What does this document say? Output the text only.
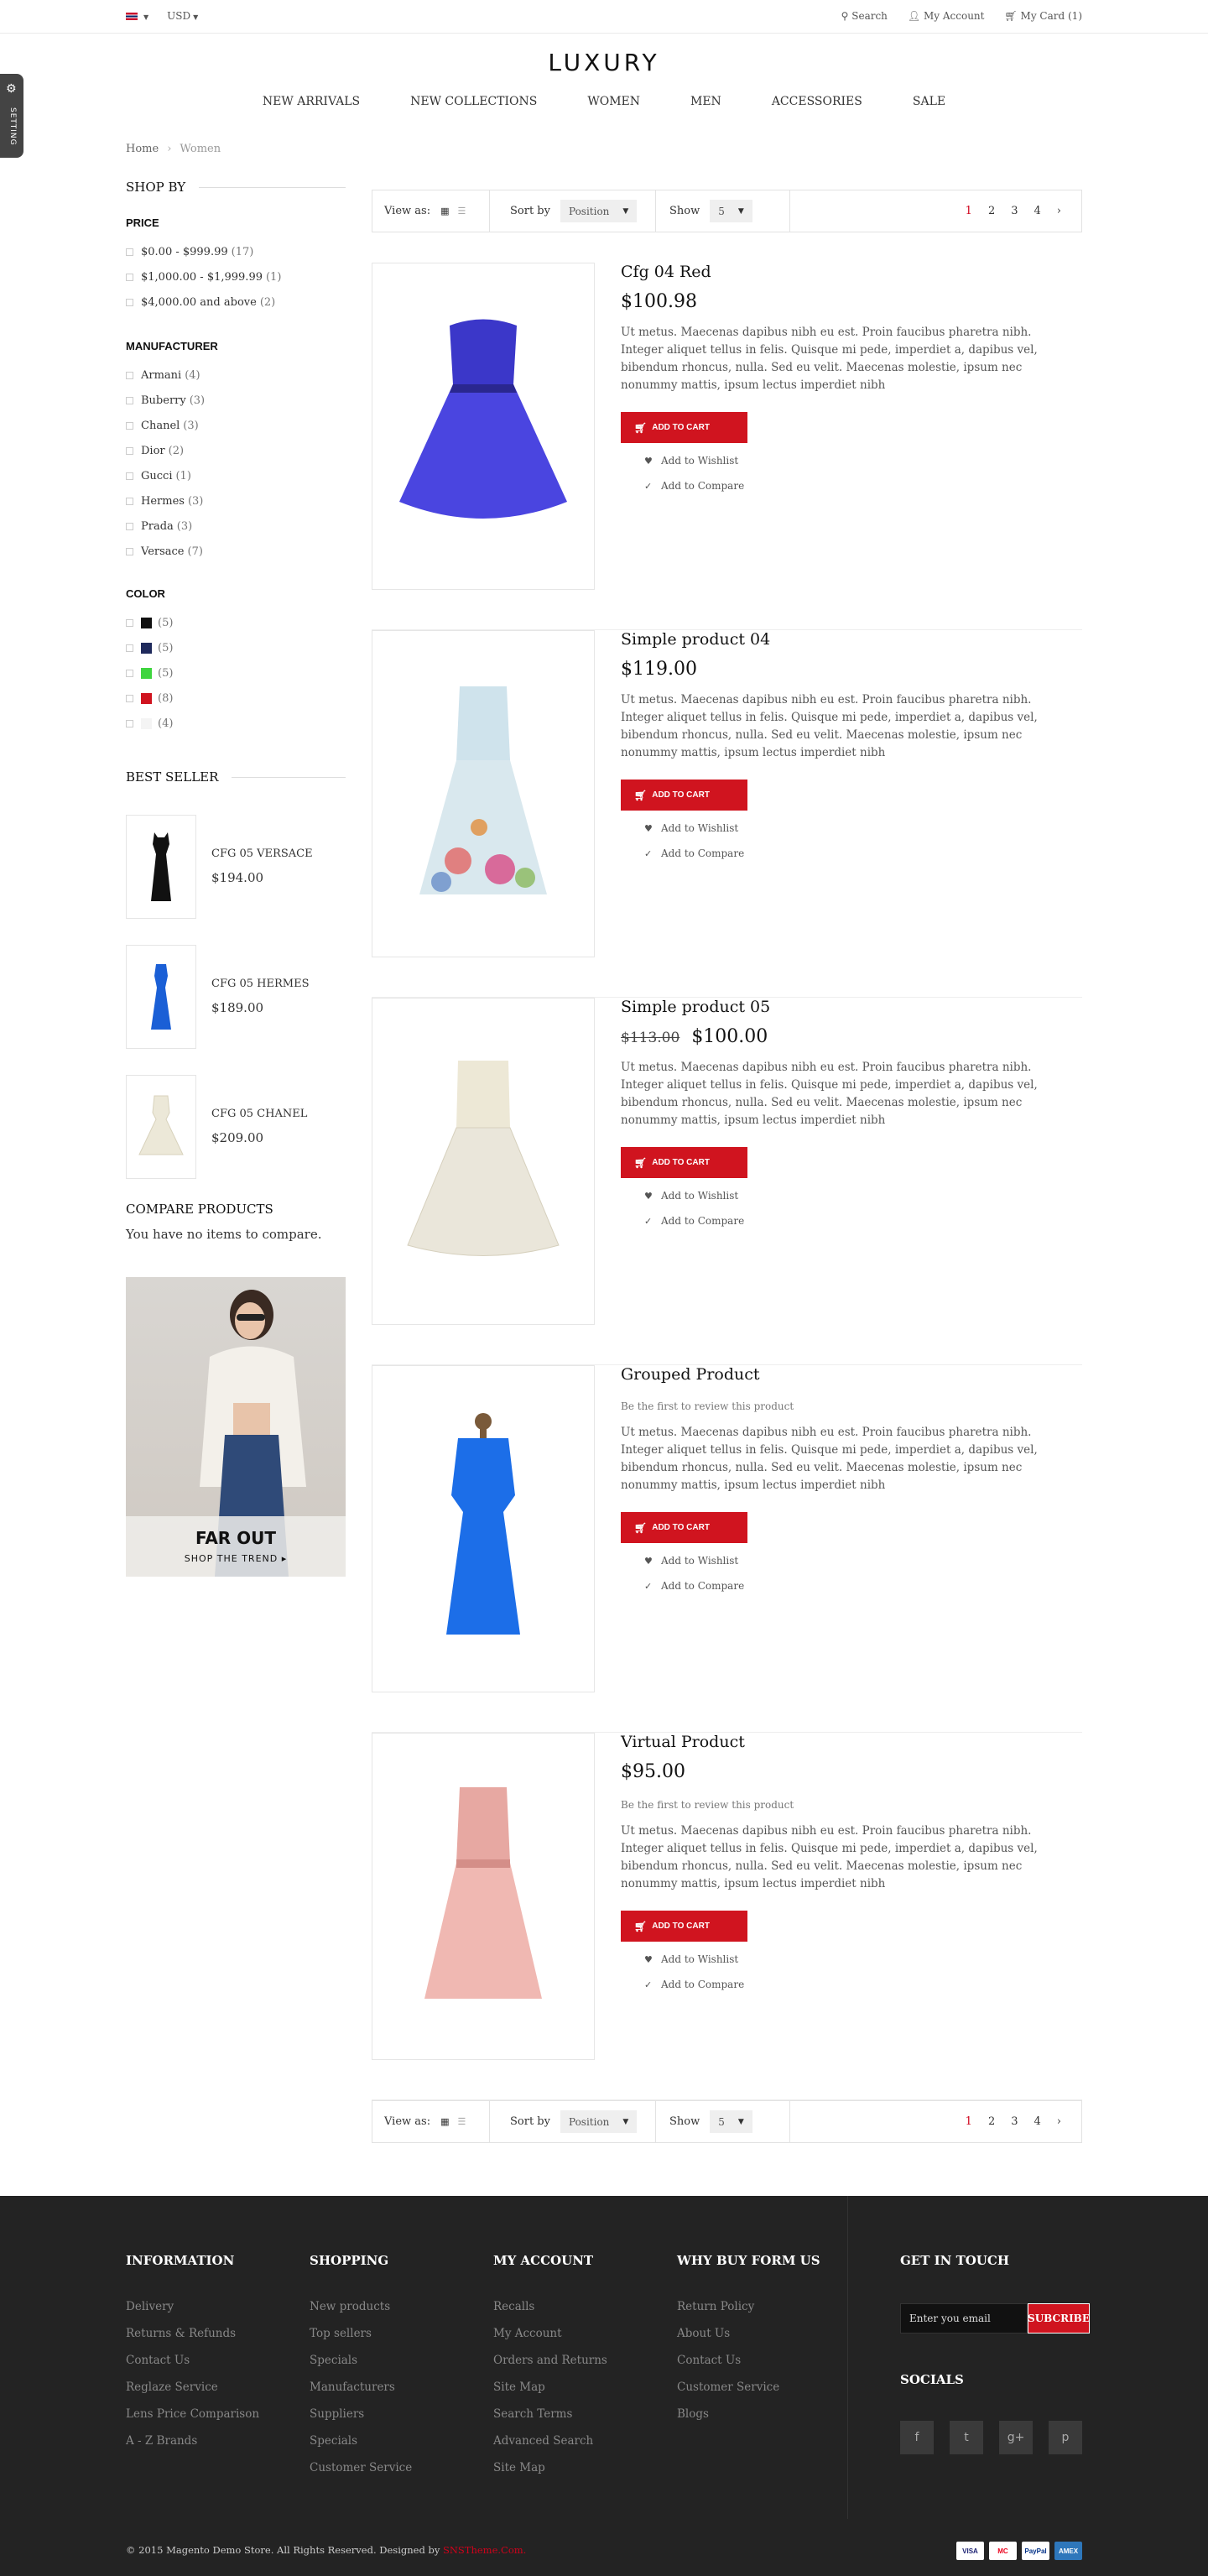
▼ USD ▼	⚲ Search 👤︎ My Account 🛒︎ My Card (1)
⚙
SETTING
LUXURY
NEW ARRIVALS	NEW COLLECTIONS	WOMEN	MEN	ACCESSORIES	SALE
Home › Women
SHOP BY
PRICE
$0.00 - $999.99 (17)
$1,000.00 - $1,999.99 (1)
$4,000.00 and above (2)
MANUFACTURER
Armani (4)
Buberry (3)
Chanel (3)
Dior (2)
Gucci (1)
Hermes (3)
Prada (3)
Versace (7)
COLOR
(5)
(5)
(5)
(8)
(4)
BEST SELLER
CFG 05 VERSACE
$194.00
CFG 05 HERMES
$189.00
CFG 05 CHANEL
$209.00
COMPARE PRODUCTS
You have no items to compare.
FAR OUT
SHOP THE TREND ▸
View as: ▦ ☰	Sort by Position ▼	Show 5 ▼	1 2 3 4 ›
Cfg 04 Red
$100.98
Ut metus. Maecenas dapibus nibh eu est. Proin faucibus pharetra nibh. Integer aliquet tellus in felis. Quisque mi pede, imperdiet a, dapibus vel, bibendum rhoncus, nulla. Sed eu velit. Maecenas molestie, ipsum nec nonummy mattis, ipsum lectus imperdiet nibh
🛒︎ ADD TO CART
♥ Add to Wishlist
✓ Add to Compare
Simple product 04
$119.00
Ut metus. Maecenas dapibus nibh eu est. Proin faucibus pharetra nibh. Integer aliquet tellus in felis. Quisque mi pede, imperdiet a, dapibus vel, bibendum rhoncus, nulla. Sed eu velit. Maecenas molestie, ipsum nec nonummy mattis, ipsum lectus imperdiet nibh
🛒︎ ADD TO CART
♥ Add to Wishlist
✓ Add to Compare
Simple product 05
$113.00 $100.00
Ut metus. Maecenas dapibus nibh eu est. Proin faucibus pharetra nibh. Integer aliquet tellus in felis. Quisque mi pede, imperdiet a, dapibus vel, bibendum rhoncus, nulla. Sed eu velit. Maecenas molestie, ipsum nec nonummy mattis, ipsum lectus imperdiet nibh
🛒︎ ADD TO CART
♥ Add to Wishlist
✓ Add to Compare
Grouped Product
Be the first to review this product
Ut metus. Maecenas dapibus nibh eu est. Proin faucibus pharetra nibh. Integer aliquet tellus in felis. Quisque mi pede, imperdiet a, dapibus vel, bibendum rhoncus, nulla. Sed eu velit. Maecenas molestie, ipsum nec nonummy mattis, ipsum lectus imperdiet nibh
🛒︎ ADD TO CART
♥ Add to Wishlist
✓ Add to Compare
Virtual Product
$95.00
Be the first to review this product
Ut metus. Maecenas dapibus nibh eu est. Proin faucibus pharetra nibh. Integer aliquet tellus in felis. Quisque mi pede, imperdiet a, dapibus vel, bibendum rhoncus, nulla. Sed eu velit. Maecenas molestie, ipsum nec nonummy mattis, ipsum lectus imperdiet nibh
🛒︎ ADD TO CART
♥ Add to Wishlist
✓ Add to Compare
View as: ▦ ☰	Sort by Position ▼	Show 5 ▼	1 2 3 4 ›
INFORMATION
Delivery
Returns & Refunds
Contact Us
Reglaze Service
Lens Price Comparison
A - Z Brands
SHOPPING
New products
Top sellers
Specials
Manufacturers
Suppliers
Specials
Customer Service
MY ACCOUNT
Recalls
My Account
Orders and Returns
Site Map
Search Terms
Advanced Search
Site Map
WHY BUY FORM US
Return Policy
About Us
Contact Us
Customer Service
Blogs
GET IN TOUCH
Enter you email	SUBCRIBE
SOCIALS
f	t	g+	p
© 2015 Magento Demo Store. All Rights Reserved. Designed by SNSTheme.Com.	VISA	MC	PayPal	AMEX
